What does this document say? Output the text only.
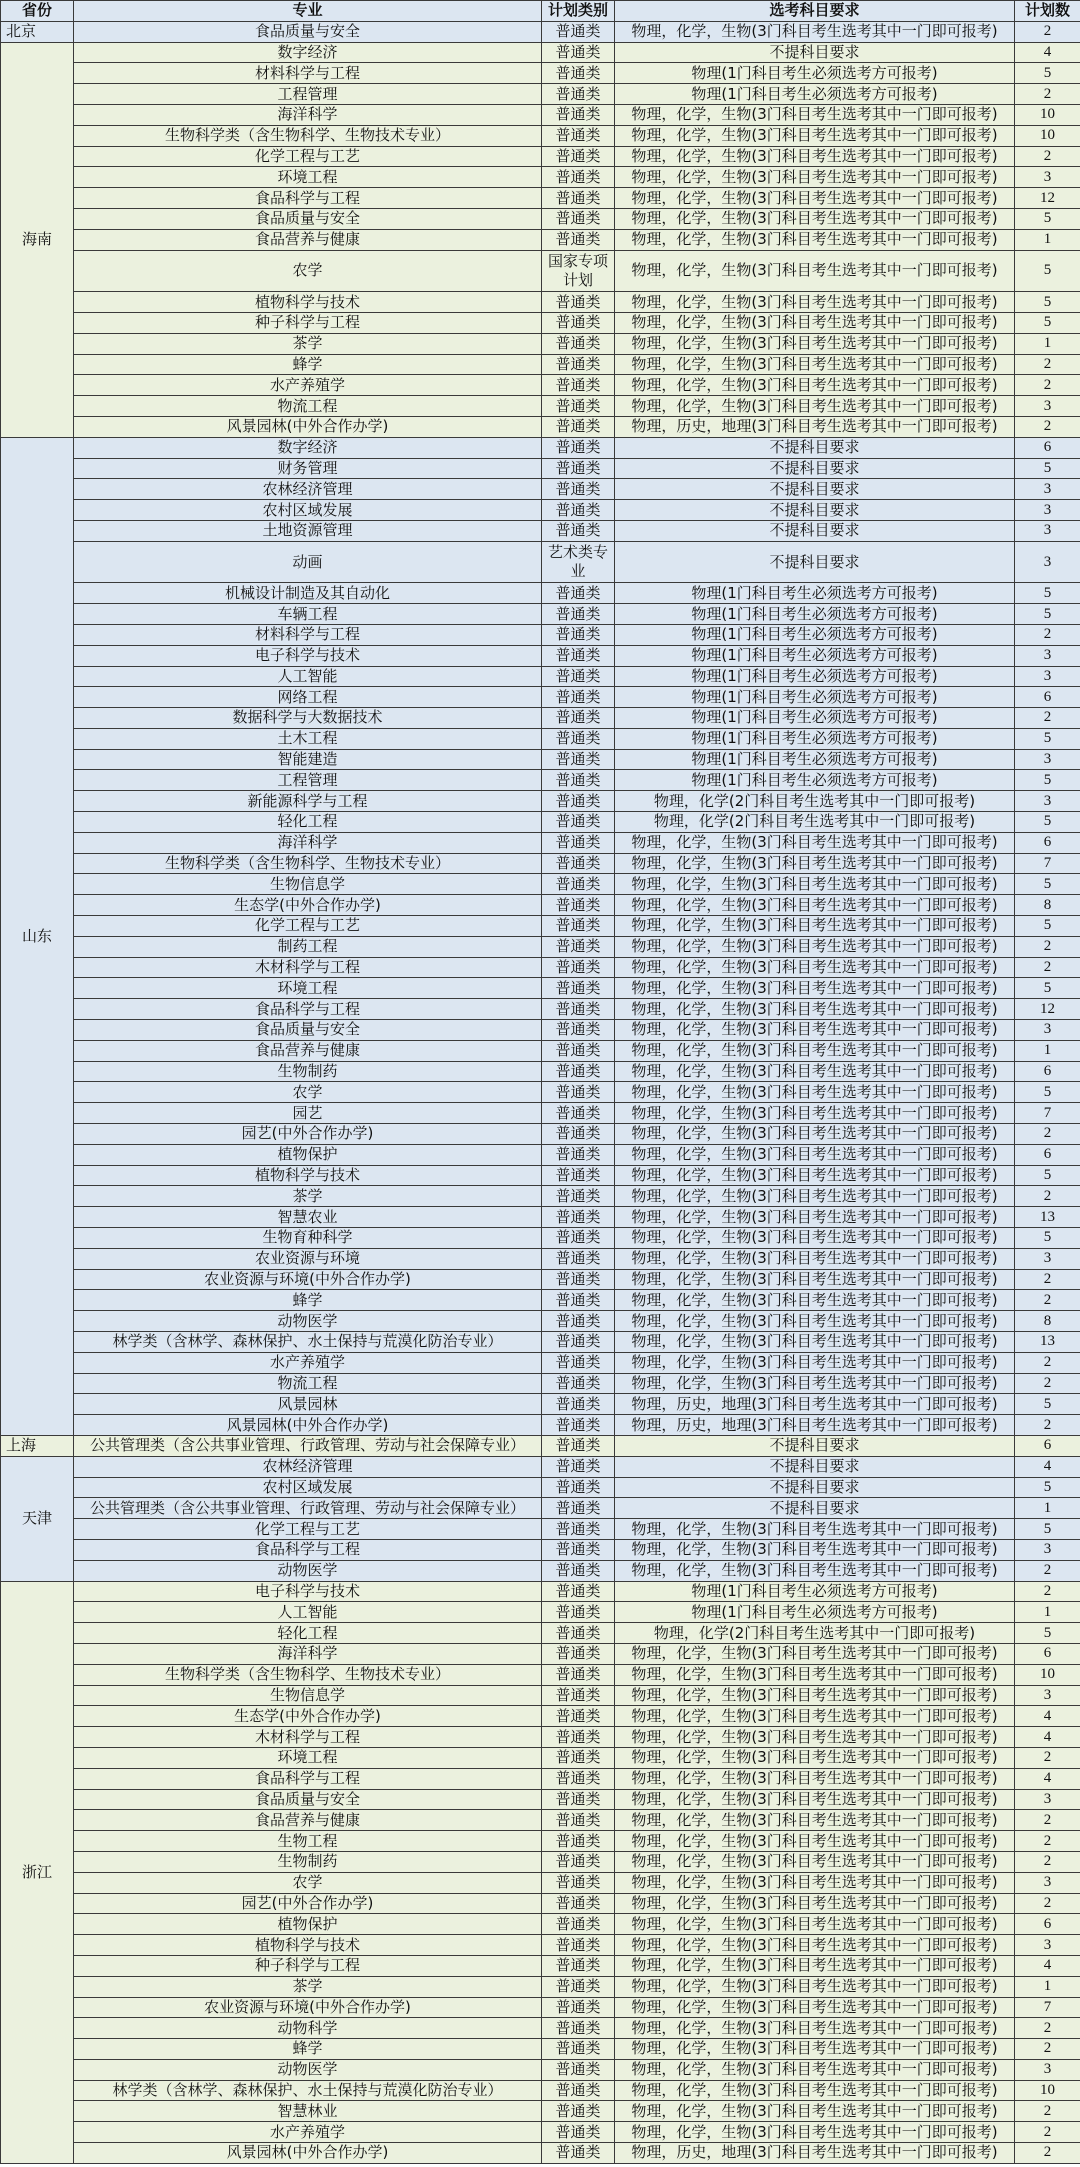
省份	专业	计划类别	选考科目要求	计划数
北京	食品质量与安全	普通类	物理，化学，生物(3门科目考生选考其中一门即可报考)	2
海南	数字经济	普通类	不提科目要求	4
	材料科学与工程	普通类	物理(1门科目考生必须选考方可报考)	5
	工程管理	普通类	物理(1门科目考生必须选考方可报考)	2
	海洋科学	普通类	物理，化学，生物(3门科目考生选考其中一门即可报考)	10
	生物科学类（含生物科学、生物技术专业）	普通类	物理，化学，生物(3门科目考生选考其中一门即可报考)	10
	化学工程与工艺	普通类	物理，化学，生物(3门科目考生选考其中一门即可报考)	2
	环境工程	普通类	物理，化学，生物(3门科目考生选考其中一门即可报考)	3
	食品科学与工程	普通类	物理，化学，生物(3门科目考生选考其中一门即可报考)	12
	食品质量与安全	普通类	物理，化学，生物(3门科目考生选考其中一门即可报考)	5
	食品营养与健康	普通类	物理，化学，生物(3门科目考生选考其中一门即可报考)	1
	农学	国家专项计划	物理，化学，生物(3门科目考生选考其中一门即可报考)	5
	植物科学与技术	普通类	物理，化学，生物(3门科目考生选考其中一门即可报考)	5
	种子科学与工程	普通类	物理，化学，生物(3门科目考生选考其中一门即可报考)	5
	茶学	普通类	物理，化学，生物(3门科目考生选考其中一门即可报考)	1
	蜂学	普通类	物理，化学，生物(3门科目考生选考其中一门即可报考)	2
	水产养殖学	普通类	物理，化学，生物(3门科目考生选考其中一门即可报考)	2
	物流工程	普通类	物理，化学，生物(3门科目考生选考其中一门即可报考)	3
	风景园林(中外合作办学)	普通类	物理，历史，地理(3门科目考生选考其中一门即可报考)	2
山东	数字经济	普通类	不提科目要求	6
	财务管理	普通类	不提科目要求	5
	农林经济管理	普通类	不提科目要求	3
	农村区域发展	普通类	不提科目要求	3
	土地资源管理	普通类	不提科目要求	3
	动画	艺术类专业	不提科目要求	3
	机械设计制造及其自动化	普通类	物理(1门科目考生必须选考方可报考)	5
	车辆工程	普通类	物理(1门科目考生必须选考方可报考)	5
	材料科学与工程	普通类	物理(1门科目考生必须选考方可报考)	2
	电子科学与技术	普通类	物理(1门科目考生必须选考方可报考)	3
	人工智能	普通类	物理(1门科目考生必须选考方可报考)	3
	网络工程	普通类	物理(1门科目考生必须选考方可报考)	6
	数据科学与大数据技术	普通类	物理(1门科目考生必须选考方可报考)	2
	土木工程	普通类	物理(1门科目考生必须选考方可报考)	5
	智能建造	普通类	物理(1门科目考生必须选考方可报考)	3
	工程管理	普通类	物理(1门科目考生必须选考方可报考)	5
	新能源科学与工程	普通类	物理，化学(2门科目考生选考其中一门即可报考)	3
	轻化工程	普通类	物理，化学(2门科目考生选考其中一门即可报考)	5
	海洋科学	普通类	物理，化学，生物(3门科目考生选考其中一门即可报考)	6
	生物科学类（含生物科学、生物技术专业）	普通类	物理，化学，生物(3门科目考生选考其中一门即可报考)	7
	生物信息学	普通类	物理，化学，生物(3门科目考生选考其中一门即可报考)	5
	生态学(中外合作办学)	普通类	物理，化学，生物(3门科目考生选考其中一门即可报考)	8
	化学工程与工艺	普通类	物理，化学，生物(3门科目考生选考其中一门即可报考)	5
	制药工程	普通类	物理，化学，生物(3门科目考生选考其中一门即可报考)	2
	木材科学与工程	普通类	物理，化学，生物(3门科目考生选考其中一门即可报考)	2
	环境工程	普通类	物理，化学，生物(3门科目考生选考其中一门即可报考)	5
	食品科学与工程	普通类	物理，化学，生物(3门科目考生选考其中一门即可报考)	12
	食品质量与安全	普通类	物理，化学，生物(3门科目考生选考其中一门即可报考)	3
	食品营养与健康	普通类	物理，化学，生物(3门科目考生选考其中一门即可报考)	1
	生物制药	普通类	物理，化学，生物(3门科目考生选考其中一门即可报考)	6
	农学	普通类	物理，化学，生物(3门科目考生选考其中一门即可报考)	5
	园艺	普通类	物理，化学，生物(3门科目考生选考其中一门即可报考)	7
	园艺(中外合作办学)	普通类	物理，化学，生物(3门科目考生选考其中一门即可报考)	2
	植物保护	普通类	物理，化学，生物(3门科目考生选考其中一门即可报考)	6
	植物科学与技术	普通类	物理，化学，生物(3门科目考生选考其中一门即可报考)	5
	茶学	普通类	物理，化学，生物(3门科目考生选考其中一门即可报考)	2
	智慧农业	普通类	物理，化学，生物(3门科目考生选考其中一门即可报考)	13
	生物育种科学	普通类	物理，化学，生物(3门科目考生选考其中一门即可报考)	5
	农业资源与环境	普通类	物理，化学，生物(3门科目考生选考其中一门即可报考)	3
	农业资源与环境(中外合作办学)	普通类	物理，化学，生物(3门科目考生选考其中一门即可报考)	2
	蜂学	普通类	物理，化学，生物(3门科目考生选考其中一门即可报考)	2
	动物医学	普通类	物理，化学，生物(3门科目考生选考其中一门即可报考)	8
	林学类（含林学、森林保护、水土保持与荒漠化防治专业）	普通类	物理，化学，生物(3门科目考生选考其中一门即可报考)	13
	水产养殖学	普通类	物理，化学，生物(3门科目考生选考其中一门即可报考)	2
	物流工程	普通类	物理，化学，生物(3门科目考生选考其中一门即可报考)	2
	风景园林	普通类	物理，历史，地理(3门科目考生选考其中一门即可报考)	5
	风景园林(中外合作办学)	普通类	物理，历史，地理(3门科目考生选考其中一门即可报考)	2
上海	公共管理类（含公共事业管理、行政管理、劳动与社会保障专业）	普通类	不提科目要求	6
天津	农林经济管理	普通类	不提科目要求	4
	农村区域发展	普通类	不提科目要求	5
	公共管理类（含公共事业管理、行政管理、劳动与社会保障专业）	普通类	不提科目要求	1
	化学工程与工艺	普通类	物理，化学，生物(3门科目考生选考其中一门即可报考)	5
	食品科学与工程	普通类	物理，化学，生物(3门科目考生选考其中一门即可报考)	3
	动物医学	普通类	物理，化学，生物(3门科目考生选考其中一门即可报考)	2
浙江	电子科学与技术	普通类	物理(1门科目考生必须选考方可报考)	2
	人工智能	普通类	物理(1门科目考生必须选考方可报考)	1
	轻化工程	普通类	物理，化学(2门科目考生选考其中一门即可报考)	5
	海洋科学	普通类	物理，化学，生物(3门科目考生选考其中一门即可报考)	6
	生物科学类（含生物科学、生物技术专业）	普通类	物理，化学，生物(3门科目考生选考其中一门即可报考)	10
	生物信息学	普通类	物理，化学，生物(3门科目考生选考其中一门即可报考)	3
	生态学(中外合作办学)	普通类	物理，化学，生物(3门科目考生选考其中一门即可报考)	4
	木材科学与工程	普通类	物理，化学，生物(3门科目考生选考其中一门即可报考)	4
	环境工程	普通类	物理，化学，生物(3门科目考生选考其中一门即可报考)	2
	食品科学与工程	普通类	物理，化学，生物(3门科目考生选考其中一门即可报考)	4
	食品质量与安全	普通类	物理，化学，生物(3门科目考生选考其中一门即可报考)	3
	食品营养与健康	普通类	物理，化学，生物(3门科目考生选考其中一门即可报考)	2
	生物工程	普通类	物理，化学，生物(3门科目考生选考其中一门即可报考)	2
	生物制药	普通类	物理，化学，生物(3门科目考生选考其中一门即可报考)	2
	农学	普通类	物理，化学，生物(3门科目考生选考其中一门即可报考)	3
	园艺(中外合作办学)	普通类	物理，化学，生物(3门科目考生选考其中一门即可报考)	2
	植物保护	普通类	物理，化学，生物(3门科目考生选考其中一门即可报考)	6
	植物科学与技术	普通类	物理，化学，生物(3门科目考生选考其中一门即可报考)	3
	种子科学与工程	普通类	物理，化学，生物(3门科目考生选考其中一门即可报考)	4
	茶学	普通类	物理，化学，生物(3门科目考生选考其中一门即可报考)	1
	农业资源与环境(中外合作办学)	普通类	物理，化学，生物(3门科目考生选考其中一门即可报考)	7
	动物科学	普通类	物理，化学，生物(3门科目考生选考其中一门即可报考)	2
	蜂学	普通类	物理，化学，生物(3门科目考生选考其中一门即可报考)	2
	动物医学	普通类	物理，化学，生物(3门科目考生选考其中一门即可报考)	3
	林学类（含林学、森林保护、水土保持与荒漠化防治专业）	普通类	物理，化学，生物(3门科目考生选考其中一门即可报考)	10
	智慧林业	普通类	物理，化学，生物(3门科目考生选考其中一门即可报考)	2
	水产养殖学	普通类	物理，化学，生物(3门科目考生选考其中一门即可报考)	2
	风景园林(中外合作办学)	普通类	物理，历史，地理(3门科目考生选考其中一门即可报考)	2
